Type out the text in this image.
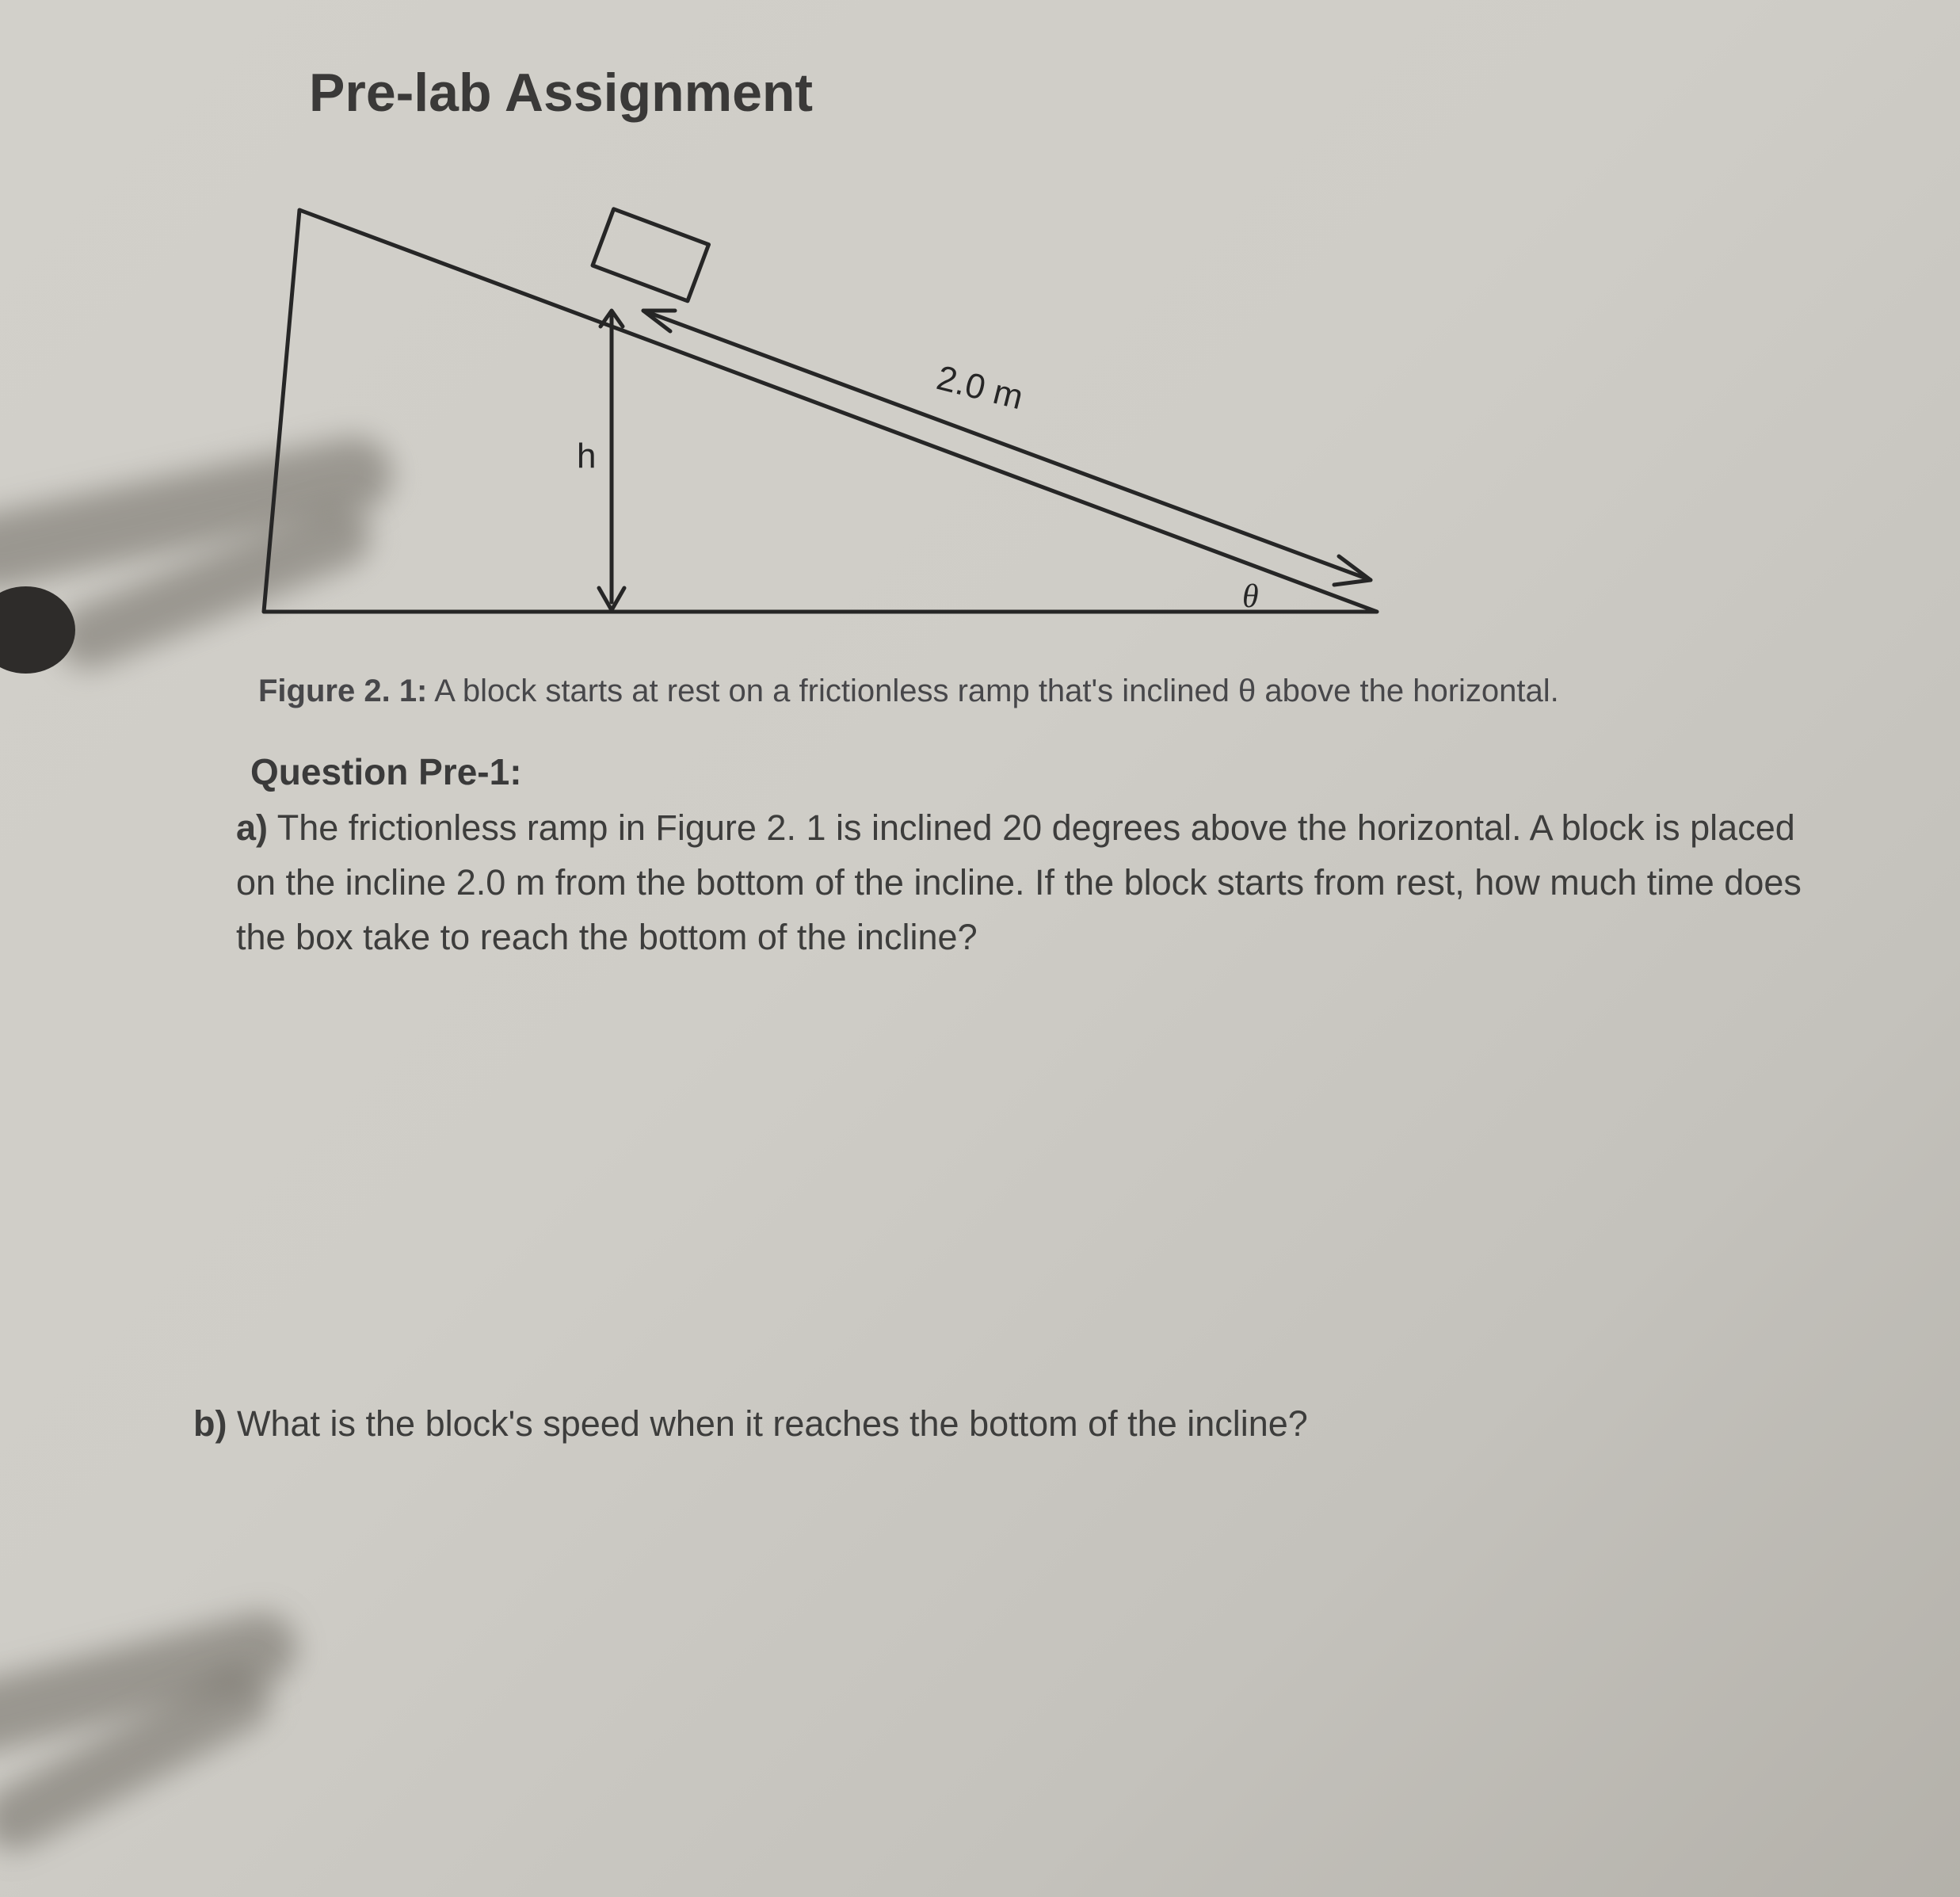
Pre-lab Assignment
2.0 m
h
θ

Figure 2. 1: A block starts at rest on a frictionless ramp that's inclined θ above the horizontal.

Question Pre-1:

a) The frictionless ramp in Figure 2. 1 is inclined 20 degrees above the horizontal. A block is placed on the incline 2.0 m from the bottom of the incline. If the block starts from rest, how much time does the box take to reach the bottom of the incline?

b) What is the block's speed when it reaches the bottom of the incline?
